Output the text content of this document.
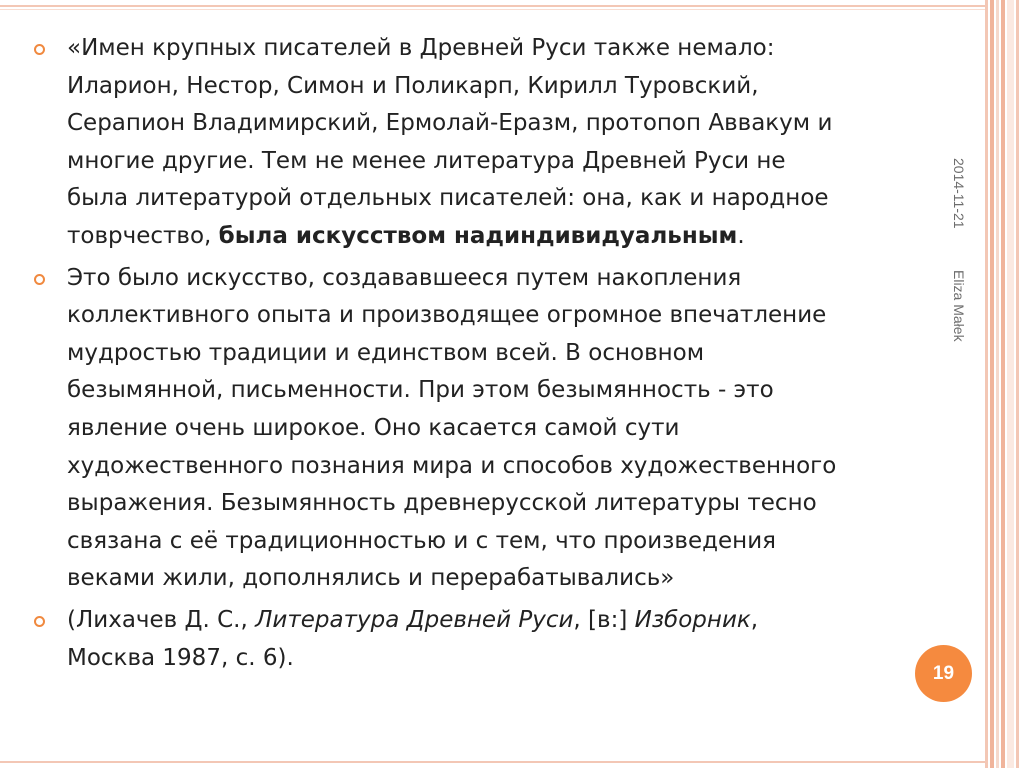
«Имен крупных писателей в Древней Руси также немало:
Иларион, Нестор, Симон и Поликарп, Кирилл Туровский,
Серапион Владимирский, Ермолай-Еразм, протопоп Аввакум и
многие другие. Тем не менее литература Древней Руси не
была литературой отдельных писателей: она, как и народное
товрчество, была искусством надиндивидуальным.
Это было искусство, создававшееся путем накопления
коллективного опыта и производящее огромное впечатление
мудростью традиции и единством всей. В основном
безымянной, письменности. При этом безымянность - это
явление очень широкое. Оно касается самой сути
художественного познания мира и способов художественного
выражения. Безымянность древнерусской литературы тесно
связана с её традиционностью и с тем, что произведения
веками жили, дополнялись и перерабатывались»
(Лихачев Д. С., Литература Древней Руси, [в:] Изборник,
Москва 1987, с. 6).
2014-11-21
Eliza Małek
19
